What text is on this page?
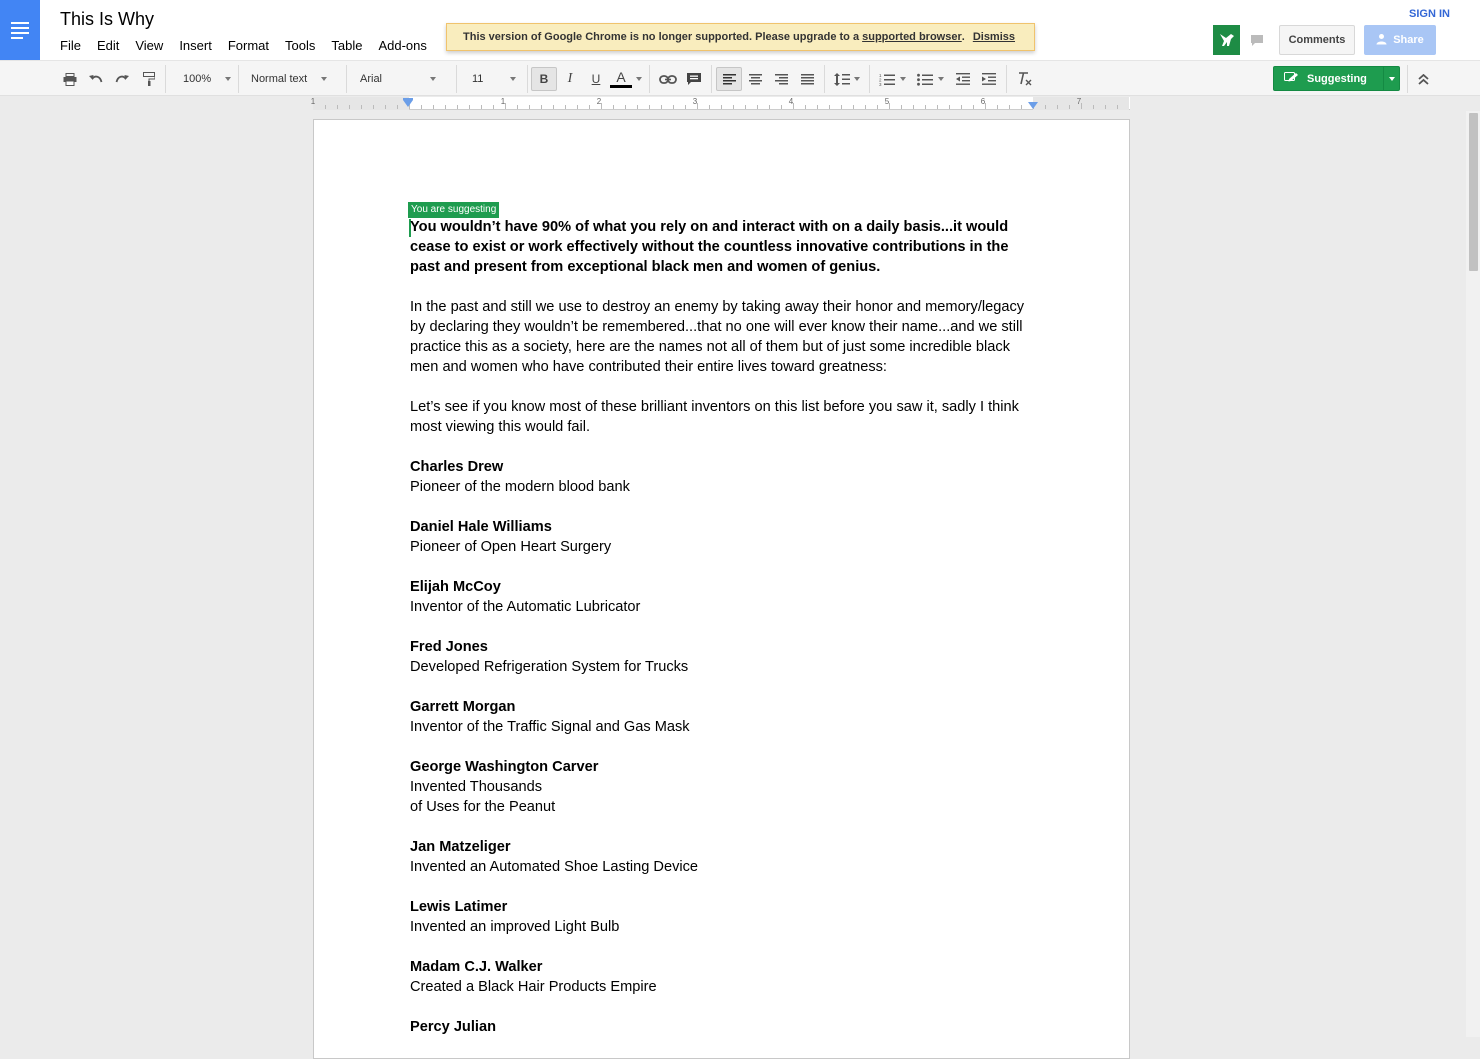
This Is Why
File	Edit	View	Insert	Format	Tools	Table	Add-ons
This version of Google Chrome is no longer supported. Please upgrade to a supported browser . Dismiss	Comments	Share
SIGN IN
100%	Normal text	Arial	11	B	I	U	A	1
2
3	Suggesting
1	1	2	3	4	5	6	7
You are suggesting

You wouldn’t have 90% of what you rely on and interact with on a daily basis...it would cease to exist or work effectively without the countless innovative contributions in the past and present from exceptional black men and women of genius.

In the past and still we use to destroy an enemy by taking away their honor and memory/legacy by declaring they wouldn’t be remembered...that no one will ever know their name...and we still practice this as a society, here are the names not all of them but of just some incredible black men and women who have contributed their entire lives toward greatness:

Let’s see if you know most of these brilliant inventors on this list before you saw it, sadly I think most viewing this would fail.

Charles Drew

Pioneer of the modern blood bank

Daniel Hale Williams

Pioneer of Open Heart Surgery

Elijah McCoy

Inventor of the Automatic Lubricator

Fred Jones

Developed Refrigeration System for Trucks

Garrett Morgan

Inventor of the Traffic Signal and Gas Mask

George Washington Carver

Invented Thousands

of Uses for the Peanut

Jan Matzeliger

Invented an Automated Shoe Lasting Device

Lewis Latimer

Invented an improved Light Bulb

Madam C.J. Walker

Created a Black Hair Products Empire

Percy Julian
